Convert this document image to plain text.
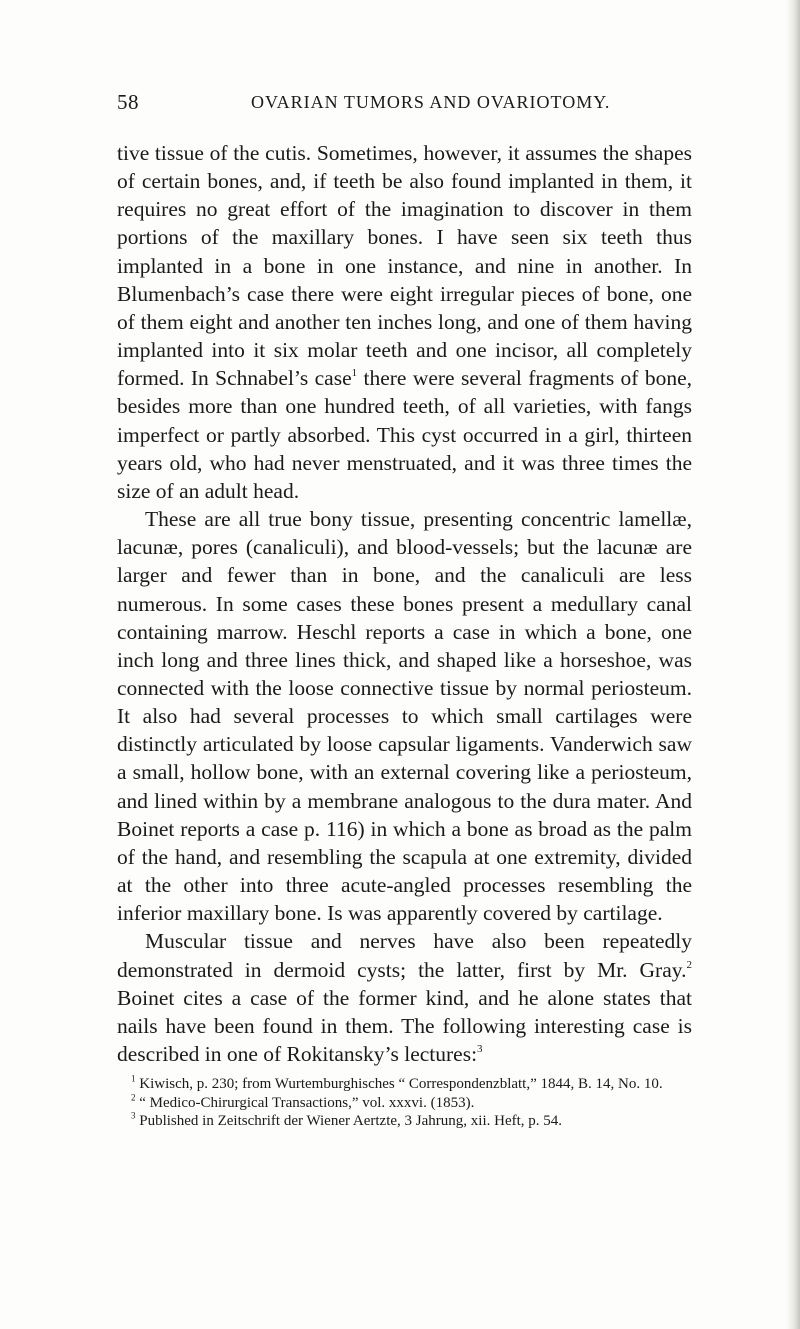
58	OVARIAN TUMORS AND OVARIOTOMY.

tive tissue of the cutis. Sometimes, however, it assumes the shapes of certain bones, and, if teeth be also found implanted in them, it requires no great effort of the imagination to discover in them portions of the maxillary bones. I have seen six teeth thus implanted in a bone in one instance, and nine in another. In Blumenbach’s case there were eight irregular pieces of bone, one of them eight and another ten inches long, and one of them having implanted into it six molar teeth and one incisor, all completely formed. In Schnabel’s case$^1$ there were several fragments of bone, besides more than one hundred teeth, of all varieties, with fangs imperfect or partly absorbed. This cyst occurred in a girl, thirteen years old, who had never menstruated, and it was three times the size of an adult head.

These are all true bony tissue, presenting concentric lamellæ, lacunæ, pores (canaliculi), and blood-vessels; but the lacunæ are larger and fewer than in bone, and the canaliculi are less numerous. In some cases these bones present a medullary canal containing marrow. Heschl reports a case in which a bone, one inch long and three lines thick, and shaped like a horseshoe, was connected with the loose connective tissue by normal periosteum. It also had several processes to which small cartilages were distinctly articulated by loose capsular ligaments. Vanderwich saw a small, hollow bone, with an external covering like a periosteum, and lined within by a membrane analogous to the dura mater. And Boinet reports a case p. 116) in which a bone as broad as the palm of the hand, and resembling the scapula at one extremity, divided at the other into three acute-angled processes resembling the inferior maxillary bone. Is was apparently covered by cartilage.

Muscular tissue and nerves have also been repeatedly demonstrated in dermoid cysts; the latter, first by Mr. Gray.$^2$ Boinet cites a case of the former kind, and he alone states that nails have been found in them. The following interesting case is described in one of Rokitansky’s lectures:$^3$

$^1$ Kiwisch, p. 230; from Wurtemburghisches “ Correspondenzblatt,” 1844, B. 14, No. 10.

$^2$ “ Medico-Chirurgical Transactions,” vol. xxxvi. (1853).

$^3$ Published in Zeitschrift der Wiener Aertzte, 3 Jahrung, xii. Heft, p. 54.
